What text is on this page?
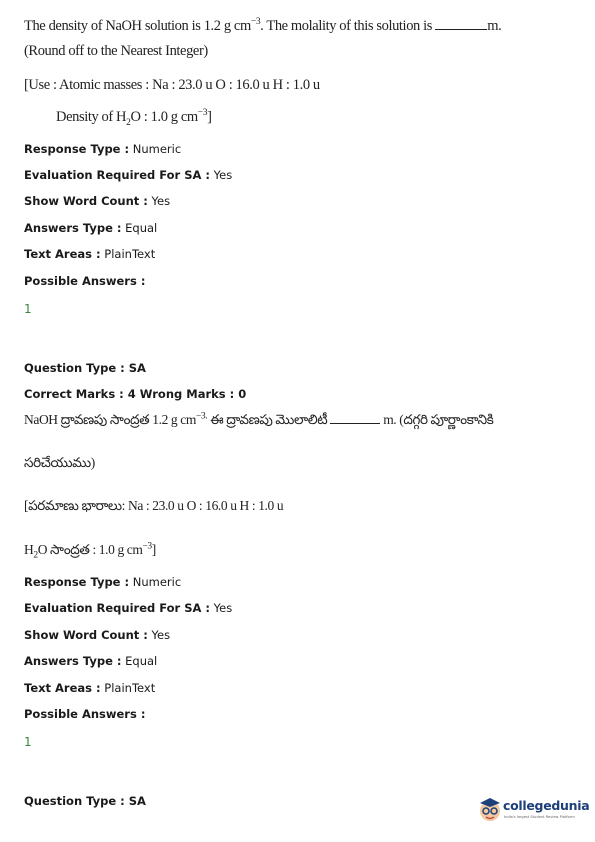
The density of NaOH solution is 1.2 g $cm^{-3}$. The molality of this solution is	m.
(Round off to the Nearest Integer)
[Use : Atomic masses : Na : 23.0 u O : 16.0 u H : 1.0 u
Density of $H_2O$ : 1.0 g $cm^{-3}$]
Response Type : Numeric
Evaluation Required For SA : Yes
Show Word Count : Yes
Answers Type : Equal
Text Areas : PlainText
Possible Answers :
1
Question Type : SA
Correct Marks : 4 Wrong Marks : 0
NaOH ద్రావణపు సాంద్రత 1.2 g $cm^{-3.}$ ఈ ద్రావణపు మొలాలిటీ	m. (దగ్గరి పూర్ణాంకానికి
సరిచేయుము)
[పరమాణు భారాలు: Na : 23.0 u O : 16.0 u H : 1.0 u
$H_2O$ సాంద్రత : 1.0 g $cm^{-3}$]
Response Type : Numeric
Evaluation Required For SA : Yes
Show Word Count : Yes
Answers Type : Equal
Text Areas : PlainText
Possible Answers :
1
Question Type : SA	collegedunia
India's largest Student Review Platform
